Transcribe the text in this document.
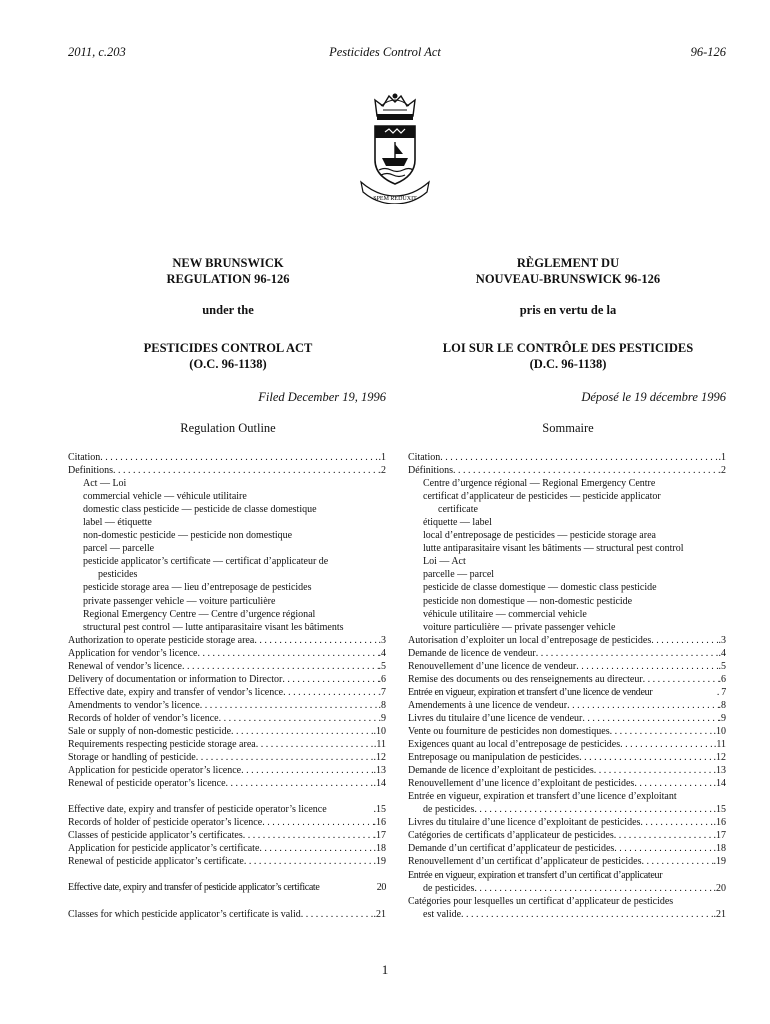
2011, c.203	Pesticides Control Act	96-126
SPEM REDUXIT
NEW BRUNSWICK
REGULATION 96-126
under the
PESTICIDES CONTROL ACT
(O.C. 96-1138)
Filed December 19, 1996
Regulation Outline
Citation . . .	.1
Definitions . . .	.2
Act — Loi
commercial vehicle — véhicule utilitaire
domestic class pesticide — pesticide de classe domestique
label — étiquette
non-domestic pesticide — pesticide non domestique
parcel — parcelle
pesticide applicator’s certificate — certificat d’applicateur de
pesticides
pesticide storage area — lieu d’entreposage de pesticides
private passenger vehicle — voiture particulière
Regional Emergency Centre — Centre d’urgence régional
structural pest control — lutte antiparasitaire visant les bâtiments
Authorization to operate pesticide storage area . . .	.3
Application for vendor’s licence . . .	.4
Renewal of vendor’s licence . . .	.5
Delivery of documentation or information to Director . . .	.6
Effective date, expiry and transfer of vendor’s licence . . .	.7
Amendments to vendor’s licence . . .	.8
Records of holder of vendor’s licence . . .	.9
Sale or supply of non-domestic pesticide . . .	.10
Requirements respecting pesticide storage area . . .	.11
Storage or handling of pesticide . . .	.12
Application for pesticide operator’s licence . . .	.13
Renewal of pesticide operator’s licence . . .	.14
Effective date, expiry and transfer of pesticide operator’s licence	.15
Records of holder of pesticide operator’s licence . . .	.16
Classes of pesticide applicator’s certificates . . .	.17
Application for pesticide applicator’s certificate . . .	.18
Renewal of pesticide applicator’s certificate . . .	.19
Effective date, expiry and transfer of pesticide applicator’s certificate	20
Classes for which pesticide applicator’s certificate is valid . . .	.21
RÈGLEMENT DU
NOUVEAU-BRUNSWICK 96-126
pris en vertu de la
LOI SUR LE CONTRÔLE DES PESTICIDES
(D.C. 96-1138)
Déposé le 19 décembre 1996
Sommaire
Citation . . .	.1
Définitions . . .	.2
Centre d’urgence régional — Regional Emergency Centre
certificat d’applicateur de pesticides — pesticide applicator
certificate
étiquette — label
local d’entreposage de pesticides — pesticide storage area
lutte antiparasitaire visant les bâtiments — structural pest control
Loi — Act
parcelle — parcel
pesticide de classe domestique — domestic class pesticide
pesticide non domestique — non-domestic pesticide
véhicule utilitaire — commercial vehicle
voiture particulière — private passenger vehicle
Autorisation d’exploiter un local d’entreposage de pesticides . . .	.3
Demande de licence de vendeur . . .	.4
Renouvellement d’une licence de vendeur . . .	.5
Remise des documents ou des renseignements au directeur . . .	.6
Entrée en vigueur, expiration et transfert d’une licence de vendeur	. 7
Amendements à une licence de vendeur . . .	.8
Livres du titulaire d’une licence de vendeur . . .	.9
Vente ou fourniture de pesticides non domestiques . . .	.10
Exigences quant au local d’entreposage de pesticides . . .	.11
Entreposage ou manipulation de pesticides . . .	.12
Demande de licence d’exploitant de pesticides . . .	.13
Renouvellement d’une licence d’exploitant de pesticides . . .	.14
Entrée en vigueur, expiration et transfert d’une licence d’exploitant
de pesticides . . .	.15
Livres du titulaire d’une licence d’exploitant de pesticides . . .	.16
Catégories de certificats d’applicateur de pesticides . . .	.17
Demande d’un certificat d’applicateur de pesticides . . .	.18
Renouvellement d’un certificat d’applicateur de pesticides . . .	.19
Entrée en vigueur, expiration et transfert d’un certificat d’applicateur
de pesticides . . .	.20
Catégories pour lesquelles un certificat d’applicateur de pesticides
est valide . . .	.21
1
